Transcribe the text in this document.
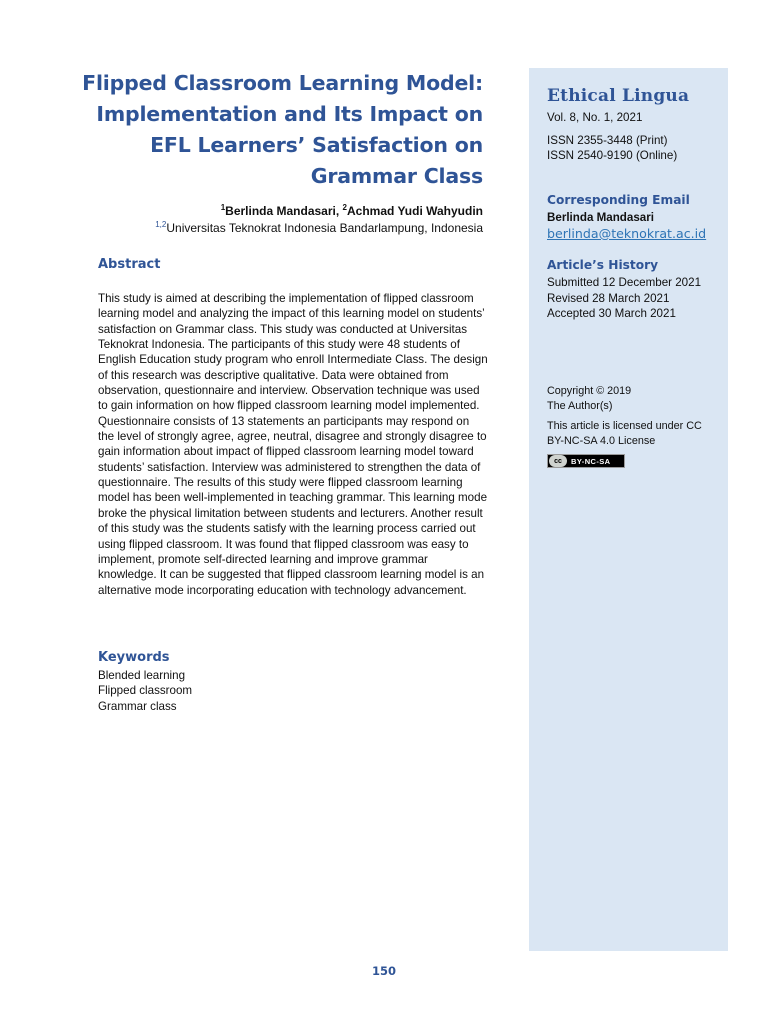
Flipped Classroom Learning Model: Implementation and Its Impact on EFL Learners’ Satisfaction on Grammar Class
$^1$Berlinda Mandasari, $^2$Achmad Yudi Wahyudin
$^{1,2}$Universitas Teknokrat Indonesia Bandarlampung, Indonesia
Abstract
This study is aimed at describing the implementation of flipped classroom learning model and analyzing the impact of this learning model on students’ satisfaction on Grammar class. This study was conducted at Universitas Teknokrat Indonesia. The participants of this study were 48 students of English Education study program who enroll Intermediate Class. The design of this research was descriptive qualitative. Data were obtained from observation, questionnaire and interview. Observation technique was used to gain information on how flipped classroom learning model implemented. Questionnaire consists of 13 statements an participants may respond on the level of strongly agree, agree, neutral, disagree and strongly disagree to gain information about impact of flipped classroom learning model toward students’ satisfaction. Interview was administered to strengthen the data of questionnaire. The results of this study were flipped classroom learning model has been well-implemented in teaching grammar. This learning mode broke the physical limitation between students and lecturers. Another result of this study was the students satisfy with the learning process carried out using flipped classroom. It was found that flipped classroom was easy to implement, promote self-directed learning and improve grammar knowledge. It can be suggested that flipped classroom learning model is an alternative mode incorporating education with technology advancement.
Keywords
Blended learning
Flipped classroom
Grammar class
Ethical Lingua
Vol. 8, No. 1, 2021
ISSN 2355-3448 (Print)
ISSN 2540-9190 (Online)
Corresponding Email
Berlinda Mandasari
berlinda@teknokrat.ac.id
Article’s History
Submitted 12 December 2021
Revised 28 March 2021
Accepted 30 March 2021
Copyright © 2019
The Author(s)
This article is licensed under CC
BY-NC-SA 4.0 License
cc	BY-NC-SA
150
